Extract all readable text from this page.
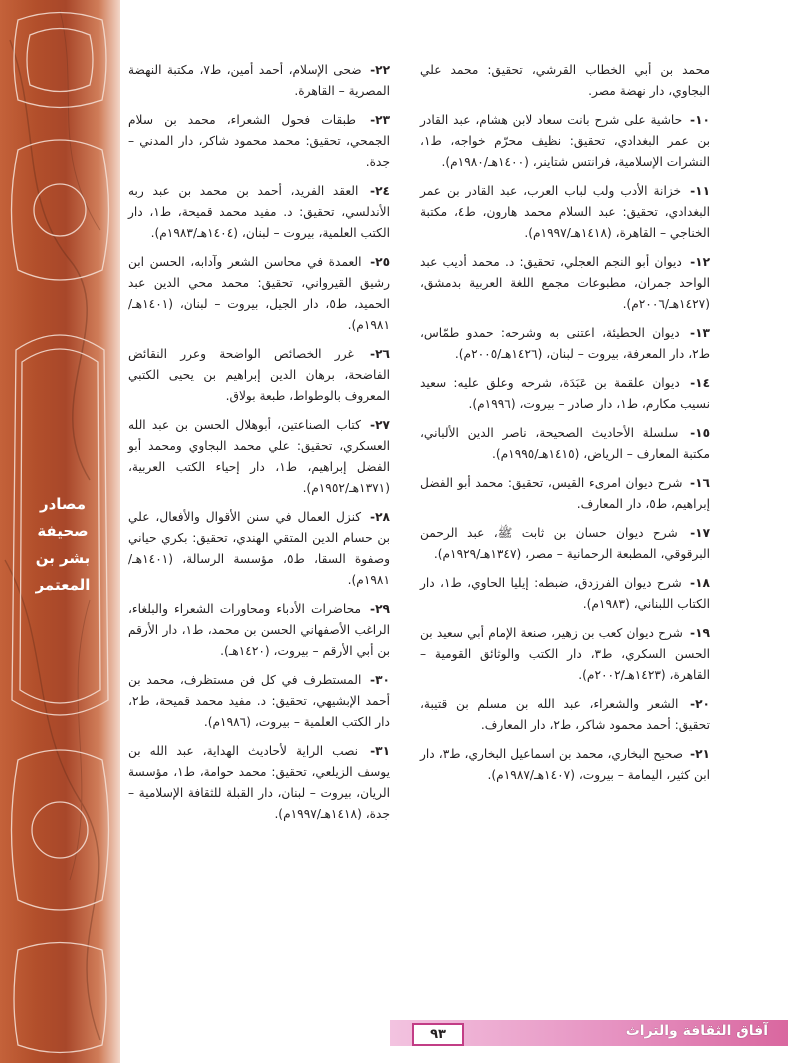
مصادر
صحيفة
بشر بن
المعتمر
محمد بن أبي الخطاب القرشي، تحقيق: محمد علي البجاوي، دار نهضة مصر.
١٠- حاشية على شرح بانت سعاد لابن هشام، عبد القادر بن عمر البغدادي، تحقيق: نظيف محرّم خواجه، ط١، النشرات الإسلامية، فرانتس شتاينر، (١٤٠٠هـ/١٩٨٠م).
١١- خزانة الأدب ولب لباب العرب، عبد القادر بن عمر البغدادي، تحقيق: عبد السلام محمد هارون، ط٤، مكتبة الخناجي – القاهرة، (١٤١٨هـ/١٩٩٧م).
١٢- ديوان أبو النجم العجلي، تحقيق: د. محمد أديب عبد الواحد جمران، مطبوعات مجمع اللغة العربية بدمشق، (١٤٢٧هـ/٢٠٠٦م).
١٣- ديوان الحطيئة، اعتنى به وشرحه: حمدو طمّاس، ط٢، دار المعرفة، بيروت – لبنان، (١٤٢٦هـ/٢٠٠٥م).
١٤- ديوان علقمة بن عَبَدَة، شرحه وعلق عليه: سعيد نسيب مكارم، ط١، دار صادر – بيروت، (١٩٩٦م).
١٥- سلسلة الأحاديث الصحيحة، ناصر الدين الألباني، مكتبة المعارف – الرياض، (١٤١٥هـ/١٩٩٥م).
١٦- شرح ديوان امرىء القيس، تحقيق: محمد أبو الفضل إبراهيم، ط٥، دار المعارف.
١٧- شرح ديوان حسان بن ثابت ﷺ، عبد الرحمن البرقوقي، المطبعة الرحمانية – مصر، (١٣٤٧هـ/١٩٢٩م).
١٨- شرح ديوان الفرزدق، ضبطه: إيليا الحاوي، ط١، دار الكتاب اللبناني، (١٩٨٣م).
١٩- شرح ديوان كعب بن زهير، صنعة الإمام أبي سعيد بن الحسن السكري، ط٣، دار الكتب والوثائق القومية – القاهرة، (١٤٢٣هـ/٢٠٠٢م).
٢٠- الشعر والشعراء، عبد الله بن مسلم بن قتيبة، تحقيق: أحمد محمود شاكر، ط٢، دار المعارف.
٢١- صحيح البخاري، محمد بن اسماعيل البخاري، ط٣، دار ابن كثير، اليمامة – بيروت، (١٤٠٧هـ/١٩٨٧م).
٢٢- ضحى الإسلام، أحمد أمين، ط٧، مكتبة النهضة المصرية – القاهرة.
٢٣- طبقات فحول الشعراء، محمد بن سلام الجمحي، تحقيق: محمد محمود شاكر، دار المدني – جدة.
٢٤- العقد الفريد، أحمد بن محمد بن عبد ربه الأندلسي، تحقيق: د. مفيد محمد قميحة، ط١، دار الكتب العلمية، بيروت – لبنان، (١٤٠٤هـ/١٩٨٣م).
٢٥- العمدة في محاسن الشعر وآدابه، الحسن ابن رشيق القيرواني، تحقيق: محمد محي الدين عبد الحميد، ط٥، دار الجيل، بيروت – لبنان، (١٤٠١هـ/١٩٨١م).
٢٦- غرر الخصائص الواضحة وعرر النقائض الفاضحة، برهان الدين إبراهيم بن يحيى الكتبي المعروف بالوطواط، طبعة بولاق.
٢٧- كتاب الصناعتين، أبوهلال الحسن بن عبد الله العسكري، تحقيق: علي محمد البجاوي ومحمد أبو الفضل إبراهيم، ط١، دار إحياء الكتب العربية، (١٣٧١هـ/١٩٥٢م).
٢٨- كنزل العمال في سنن الأقوال والأفعال، علي بن حسام الدين المتقي الهندي، تحقيق: بكري حياني وصفوة السقا، ط٥، مؤسسة الرسالة، (١٤٠١هـ/١٩٨١م).
٢٩- محاضرات الأدباء ومحاورات الشعراء والبلغاء، الراغب الأصفهاني الحسن بن محمد، ط١، دار الأرقم بن أبي الأرقم – بيروت، (١٤٢٠هـ).
٣٠- المستطرف في كل فن مستظرف، محمد بن أحمد الإبشيهي، تحقيق: د. مفيد محمد قميحة، ط٢، دار الكتب العلمية – بيروت، (١٩٨٦م).
٣١- نصب الراية لأحاديث الهداية، عبد الله بن يوسف الزيلعي، تحقيق: محمد حوامة، ط١، مؤسسة الريان، بيروت – لبنان، دار القبلة للثقافة الإسلامية – جدة، (١٤١٨هـ/١٩٩٧م).
٩٣	آفاق الثقافة والتراث
